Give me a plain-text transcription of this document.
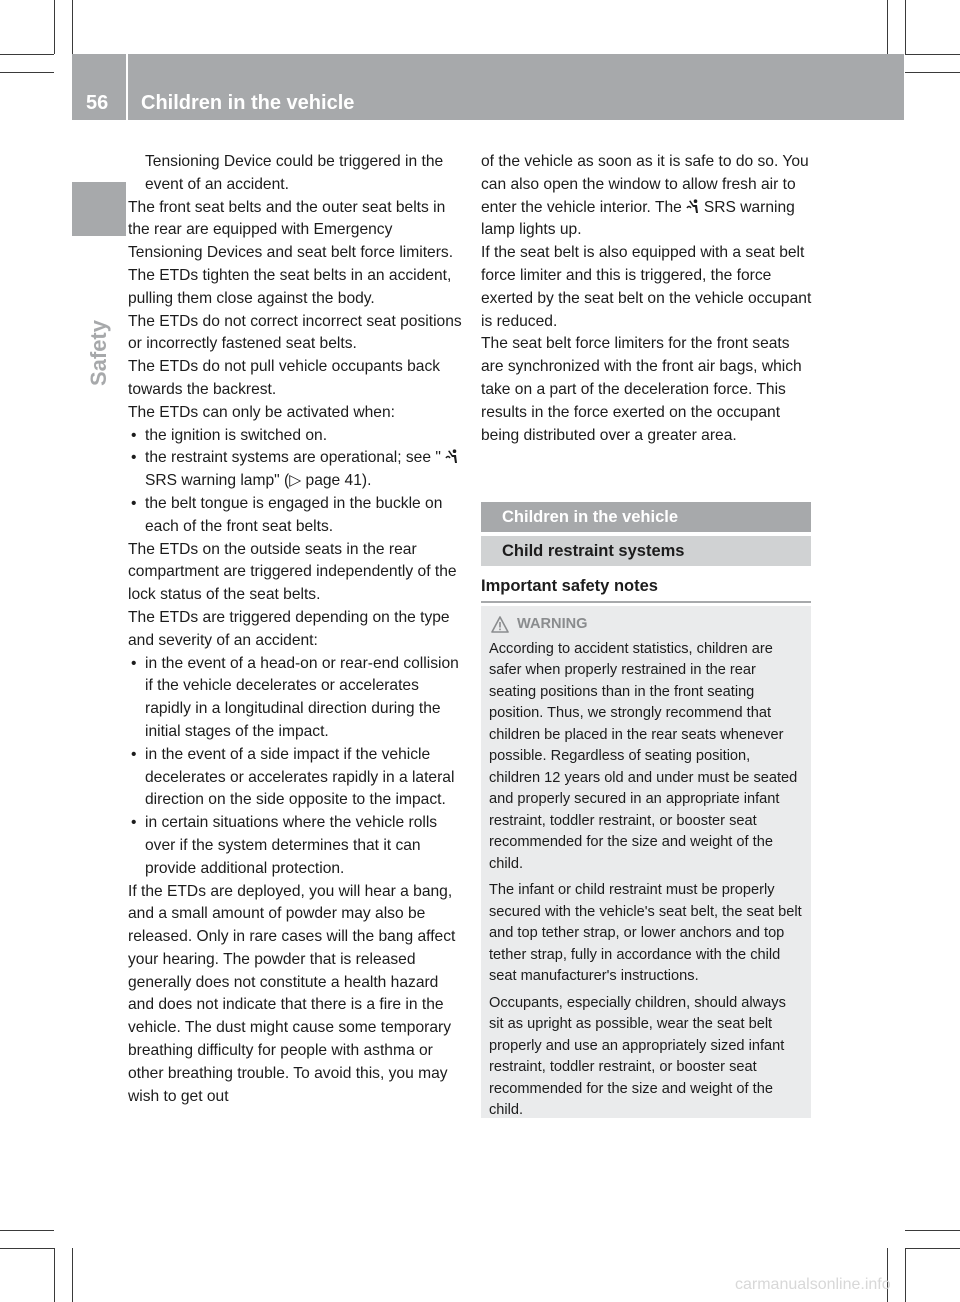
56 Children in the vehicle
Safety

Tensioning Device could be triggered in the event of an accident.

The front seat belts and the outer seat belts in the rear are equipped with Emergency Tensioning Devices and seat belt force limiters.

The ETDs tighten the seat belts in an accident, pulling them close against the body.

The ETDs do not correct incorrect seat positions or incorrectly fastened seat belts.

The ETDs do not pull vehicle occupants back towards the backrest.

The ETDs can only be activated when:

• the ignition is switched on.

• the restraint systems are operational; see "SRS warning lamp" (▷ page 41).

• the belt tongue is engaged in the buckle on each of the front seat belts.

The ETDs on the outside seats in the rear compartment are triggered independently of the lock status of the seat belts.

The ETDs are triggered depending on the type and severity of an accident:

• in the event of a head-on or rear-end collision if the vehicle decelerates or accelerates rapidly in a longitudinal direction during the initial stages of the impact.

• in the event of a side impact if the vehicle decelerates or accelerates rapidly in a lateral direction on the side opposite to the impact.

• in certain situations where the vehicle rolls over if the system determines that it can provide additional protection.

If the ETDs are deployed, you will hear a bang, and a small amount of powder may also be released. Only in rare cases will the bang affect your hearing. The powder that is released generally does not constitute a health hazard and does not indicate that there is a fire in the vehicle. The dust might cause some temporary breathing difficulty for people with asthma or other breathing trouble. To avoid this, you may wish to get out

of the vehicle as soon as it is safe to do so. You can also open the window to allow fresh air to enter the vehicle interior. The SRS warning lamp lights up.

If the seat belt is also equipped with a seat belt force limiter and this is triggered, the force exerted by the seat belt on the vehicle occupant is reduced.

The seat belt force limiters for the front seats are synchronized with the front air bags, which take on a part of the deceleration force. This results in the force exerted on the occupant being distributed over a greater area.

Children in the vehicle
Child restraint systems
Important safety notes

WARNING

According to accident statistics, children are safer when properly restrained in the rear seating positions than in the front seating position. Thus, we strongly recommend that children be placed in the rear seats whenever possible. Regardless of seating position, children 12 years old and under must be seated and properly secured in an appropriate infant restraint, toddler restraint, or booster seat recommended for the size and weight of the child.

The infant or child restraint must be properly secured with the vehicle's seat belt, the seat belt and top tether strap, or lower anchors and top tether strap, fully in accordance with the child seat manufacturer's instructions.

Occupants, especially children, should always sit as upright as possible, wear the seat belt properly and use an appropriately sized infant restraint, toddler restraint, or booster seat recommended for the size and weight of the child.

carmanualsonline.info
